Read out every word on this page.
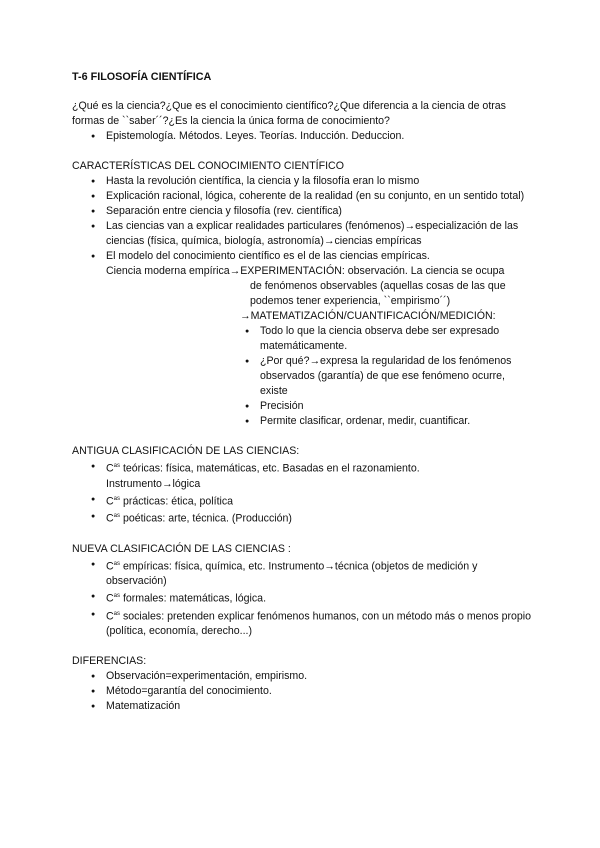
T-6 FILOSOFÍA CIENTÍFICA

¿Qué es la ciencia?¿Que es el conocimiento científico?¿Que diferencia a la ciencia de otras formas de ``saber´´?¿Es la ciencia la única forma de conocimiento?

● Epistemología. Métodos. Leyes. Teorías. Inducción. Deduccion.

CARACTERÍSTICAS DEL CONOCIMIENTO CIENTÍFICO

● Hasta la revolución científica, la ciencia y la filosofía eran lo mismo
● Explicación racional, lógica, coherente de la realidad (en su conjunto, en un sentido total)
● Separación entre ciencia y filosofía (rev. científica)
● Las ciencias van a explicar realidades particulares (fenómenos)→especialización de las ciencias (física, química, biología, astronomía)→ciencias empíricas
● El modelo del conocimiento científico es el de las ciencias empíricas.

Ciencia moderna empírica→EXPERIMENTACIÓN: observación. La ciencia se ocupa

de fenómenos observables (aquellas cosas de las que

podemos tener experiencia, ``empirismo´´)

→MATEMATIZACIÓN/CUANTIFICACIÓN/MEDICIÓN:

● Todo lo que la ciencia observa debe ser expresado matemáticamente.
● ¿Por qué?→expresa la regularidad de los fenómenos observados (garantía) de que ese fenómeno ocurre, existe
● Precisión
● Permite clasificar, ordenar, medir, cuantificar.

ANTIGUA CLASIFICACIÓN DE LAS CIENCIAS:

● $C^{as}$ teóricas: física, matemáticas, etc. Basadas en el razonamiento.
Instrumento→lógica
● $C^{as}$ prácticas: ética, política
● $C^{as}$ poéticas: arte, técnica. (Producción)

NUEVA CLASIFICACIÓN DE LAS CIENCIAS :

● $C^{as}$ empíricas: física, química, etc. Instrumento→técnica (objetos de medición y observación)
● $C^{as}$ formales: matemáticas, lógica.
● $C^{as}$ sociales: pretenden explicar fenómenos humanos, con un método más o menos propio (política, economía, derecho...)

DIFERENCIAS:

● Observación=experimentación, empirismo.
● Método=garantía del conocimiento.
● Matematización
